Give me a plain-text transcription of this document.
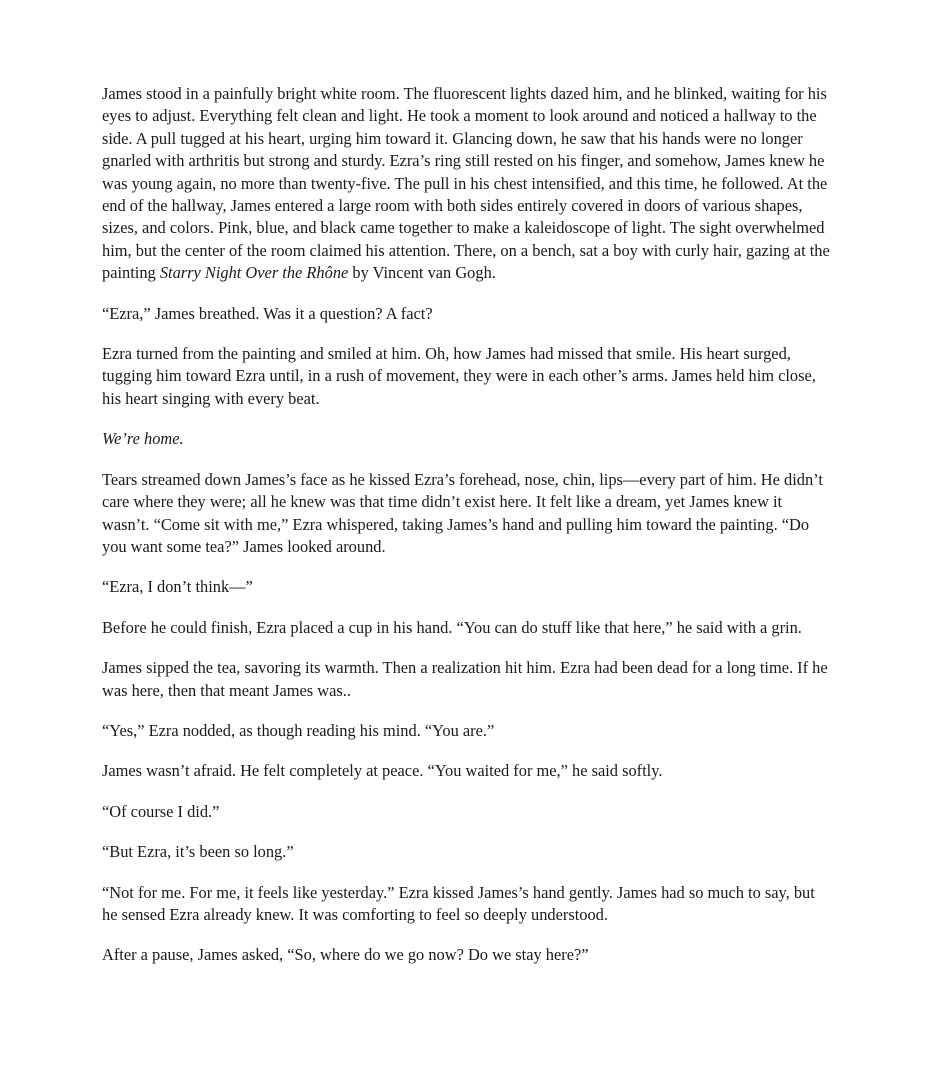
James stood in a painfully bright white room. The fluorescent lights dazed him, and he blinked, waiting for his eyes to adjust. Everything felt clean and light. He took a moment to look around and noticed a hallway to the side. A pull tugged at his heart, urging him toward it. Glancing down, he saw that his hands were no longer gnarled with arthritis but strong and sturdy. Ezra’s ring still rested on his finger, and somehow, James knew he was young again, no more than twenty-five. The pull in his chest intensified, and this time, he followed. At the end of the hallway, James entered a large room with both sides entirely covered in doors of various shapes, sizes, and colors. Pink, blue, and black came together to make a kaleidoscope of light. The sight overwhelmed him, but the center of the room claimed his attention. There, on a bench, sat a boy with curly hair, gazing at the painting Starry Night Over the Rhône by Vincent van Gogh.

“Ezra,” James breathed. Was it a question? A fact?

Ezra turned from the painting and smiled at him. Oh, how James had missed that smile. His heart surged, tugging him toward Ezra until, in a rush of movement, they were in each other’s arms. James held him close, his heart singing with every beat.

We’re home.

Tears streamed down James’s face as he kissed Ezra’s forehead, nose, chin, lips—every part of him. He didn’t care where they were; all he knew was that time didn’t exist here. It felt like a dream, yet James knew it wasn’t. “Come sit with me,” Ezra whispered, taking James’s hand and pulling him toward the painting. “Do you want some tea?” James looked around.

“Ezra, I don’t think—”

Before he could finish, Ezra placed a cup in his hand. “You can do stuff like that here,” he said with a grin.

James sipped the tea, savoring its warmth. Then a realization hit him. Ezra had been dead for a long time. If he was here, then that meant James was..

“Yes,” Ezra nodded, as though reading his mind. “You are.”

James wasn’t afraid. He felt completely at peace. “You waited for me,” he said softly.

“Of course I did.”

“But Ezra, it’s been so long.”

“Not for me. For me, it feels like yesterday.” Ezra kissed James’s hand gently. James had so much to say, but he sensed Ezra already knew. It was comforting to feel so deeply understood.

After a pause, James asked, “So, where do we go now? Do we stay here?”
